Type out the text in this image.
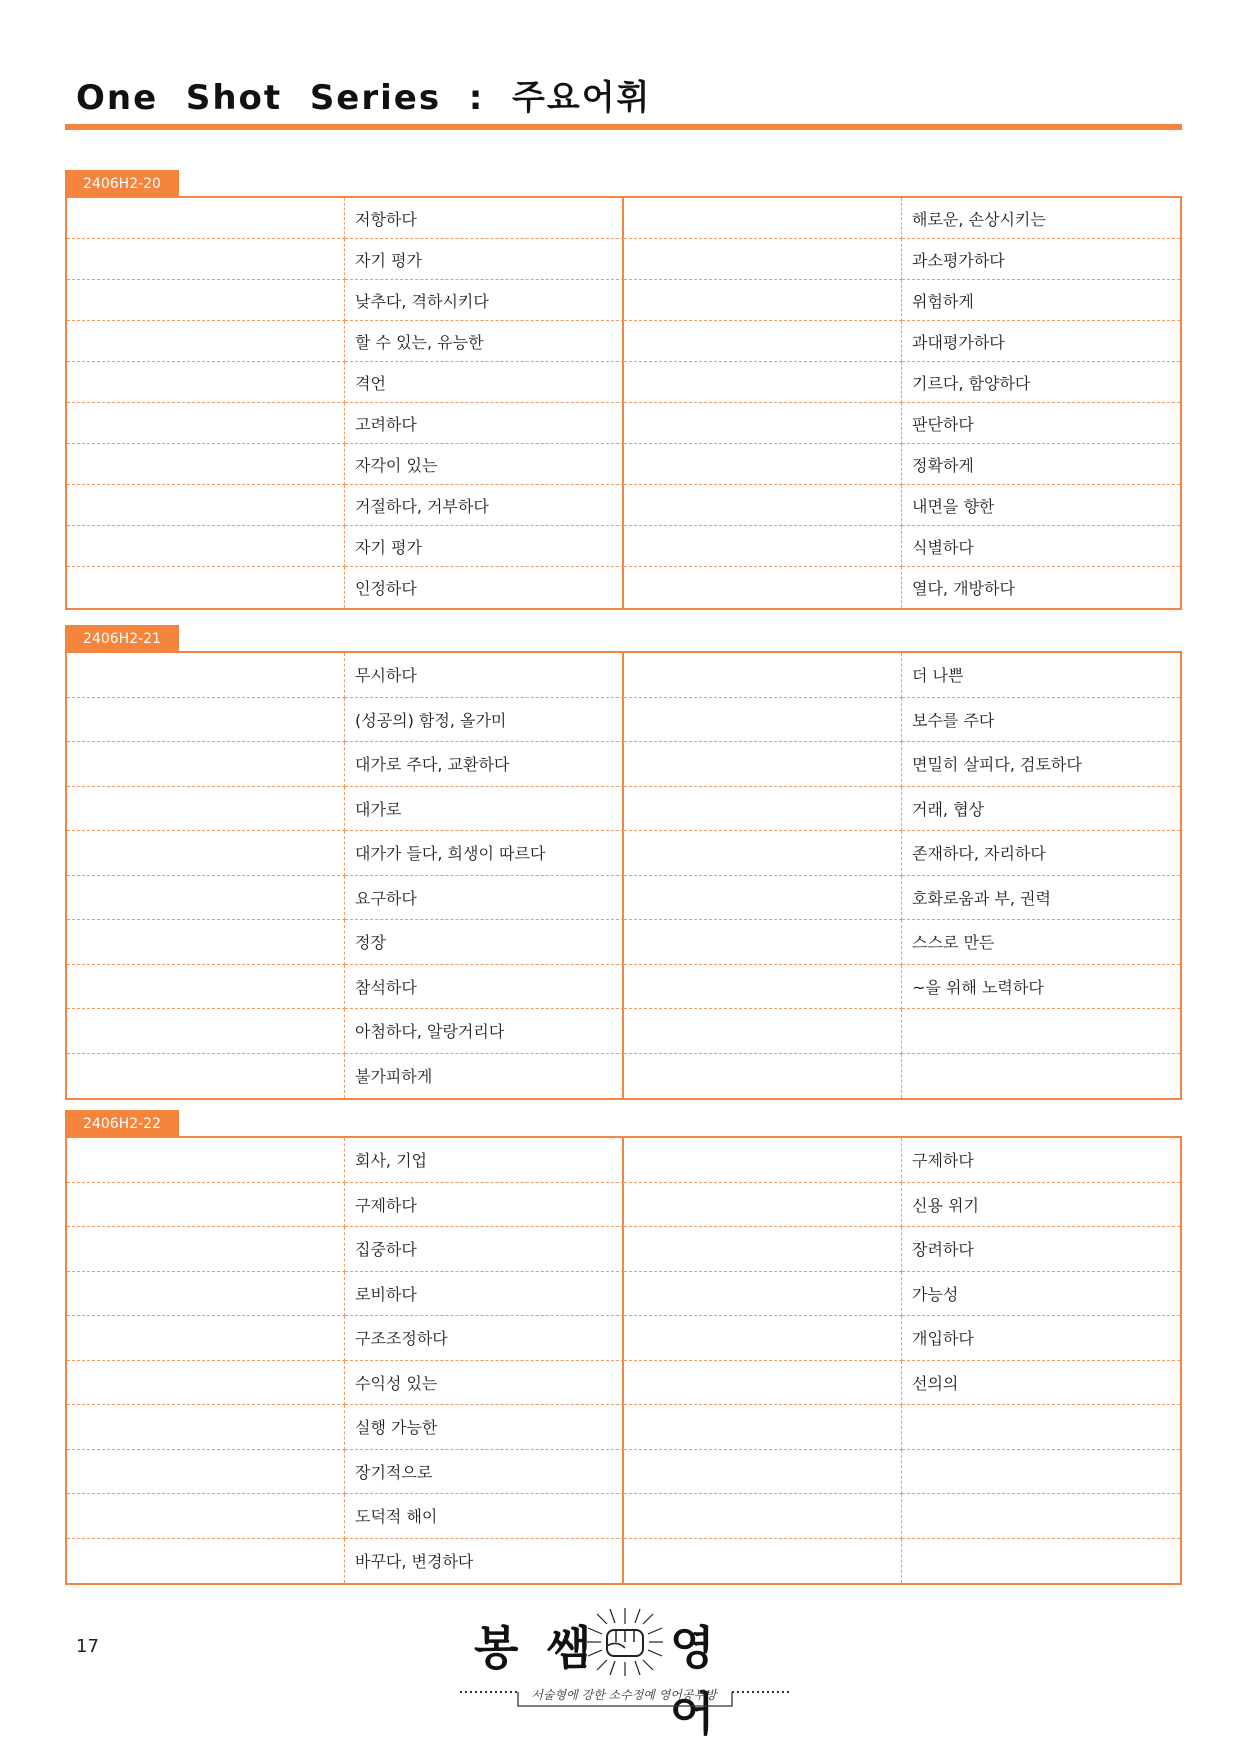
One  Shot  Series  :  주요어휘
2406H2-20
저항하다	해로운, 손상시키는
자기 평가	과소평가하다
낮추다, 격하시키다	위험하게
할 수 있는, 유능한	과대평가하다
격언	기르다, 함양하다
고려하다	판단하다
자각이 있는	정확하게
거절하다, 거부하다	내면을 향한
자기 평가	식별하다
인정하다	열다, 개방하다
2406H2-21
무시하다	더 나쁜
(성공의) 함정, 올가미	보수를 주다
대가로 주다, 교환하다	면밀히 살피다, 검토하다
대가로	거래, 협상
대가가 들다, 희생이 따르다	존재하다, 자리하다
요구하다	호화로움과 부, 권력
정장	스스로 만든
참석하다	~을 위해 노력하다
아첨하다, 알랑거리다
불가피하게
2406H2-22
회사, 기업	구제하다
구제하다	신용 위기
집중하다	장려하다
로비하다	가능성
구조조정하다	개입하다
수익성 있는	선의의
실행 가능한
장기적으로
도덕적 해이
바꾸다, 변경하다
17	봉 쌤 영 어
서술형에 강한 소수정예 영어공부방
